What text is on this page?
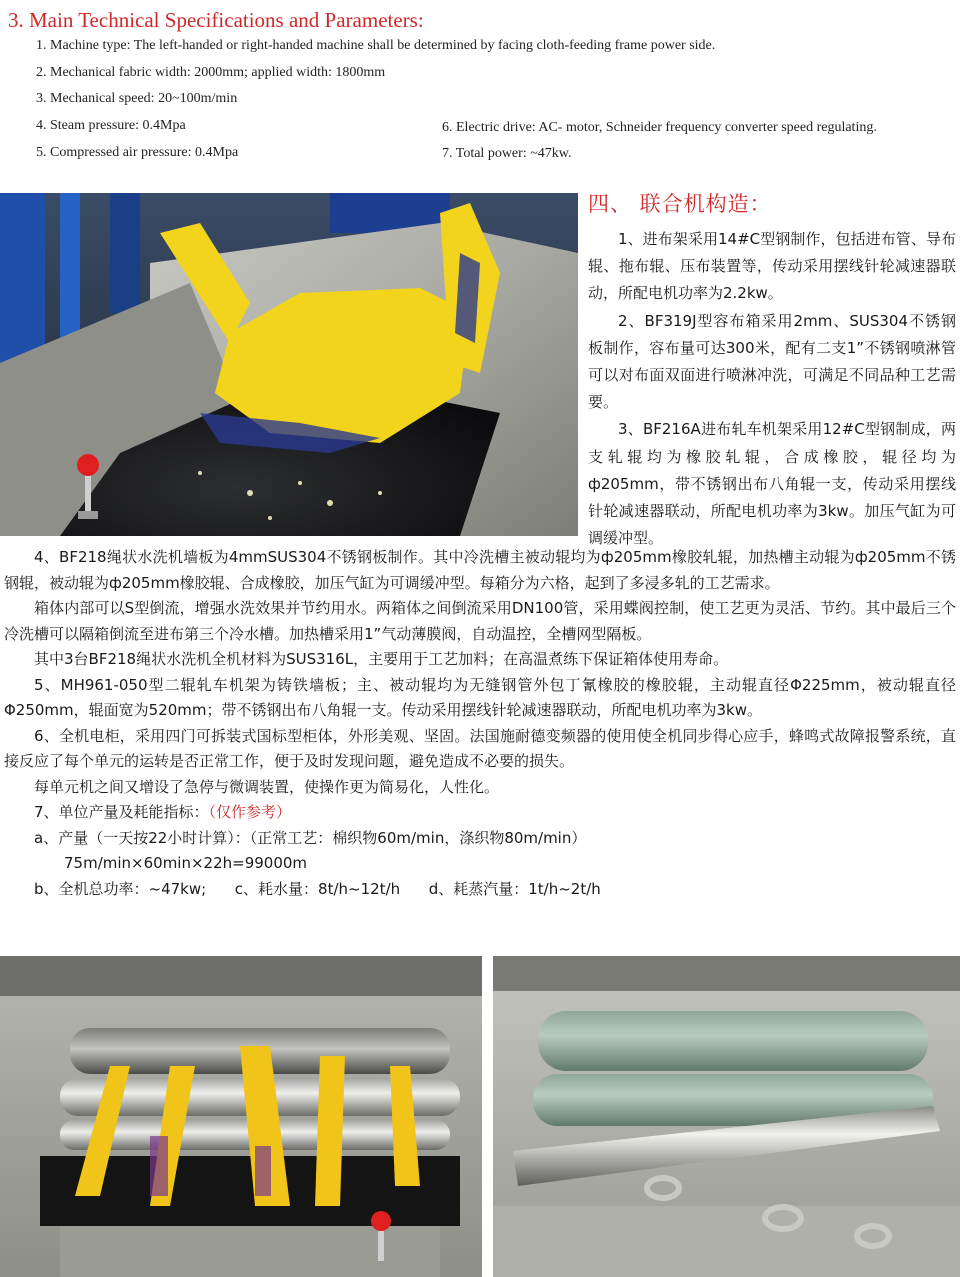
3. Main Technical Specifications and Parameters:

1. Machine type: The left-handed or right-handed machine shall be determined by facing cloth-feeding frame power side.

2. Mechanical fabric width: 2000mm; applied width: 1800mm

3. Mechanical speed: 20~100m/min

4. Steam pressure: 0.4Mpa

5. Compressed air pressure: 0.4Mpa

6. Electric drive: AC- motor, Schneider frequency converter speed regulating.

7. Total power: ~47kw.

四、 联合机构造：

1、进布架采用14#C型钢制作，包括进布管、导布辊、拖布辊、压布装置等，传动采用摆线针轮减速器联动，所配电机功率为2.2kw。

2、BF319J型容布箱采用2mm、SUS304不锈钢板制作，容布量可达300米，配有二支1”不锈钢喷淋管可以对布面双面进行喷淋冲洗，可满足不同品种工艺需要。

3、BF216A进布轧车机架采用12#C型钢制成，两支轧辊均为橡胶轧辊，合成橡胶，辊径均为ф205mm，带不锈钢出布八角辊一支，传动采用摆线针轮减速器联动，所配电机功率为3kw。加压气缸为可调缓冲型。

4、BF218绳状水洗机墙板为4mmSUS304不锈钢板制作。其中冷洗槽主被动辊均为ф205mm橡胶轧辊，加热槽主动辊为ф205mm不锈钢辊，被动辊为ф205mm橡胶辊、合成橡胶，加压气缸为可调缓冲型。每箱分为六格，起到了多浸多轧的工艺需求。

箱体内部可以S型倒流，增强水洗效果并节约用水。两箱体之间倒流采用DN100管，采用蝶阀控制，使工艺更为灵活、节约。其中最后三个冷洗槽可以隔箱倒流至进布第三个冷水槽。加热槽采用1”气动薄膜阀，自动温控，全槽网型隔板。

其中3台BF218绳状水洗机全机材料为SUS316L，主要用于工艺加料；在高温煮练下保证箱体使用寿命。

5、MH961-050型二辊轧车机架为铸铁墙板；主、被动辊均为无缝钢管外包丁氰橡胶的橡胶辊，主动辊直径Φ225mm，被动辊直径Φ250mm，辊面宽为520mm；带不锈钢出布八角辊一支。传动采用摆线针轮减速器联动，所配电机功率为3kw。

6、全机电柜，采用四门可拆装式国标型柜体，外形美观、坚固。法国施耐德变频器的使用使全机同步得心应手，蜂鸣式故障报警系统，直接反应了每个单元的运转是否正常工作，便于及时发现问题，避免造成不必要的损失。

每单元机之间又增设了急停与微调装置，使操作更为简易化，人性化。

7、单位产量及耗能指标：（仅作参考）

a、产量（一天按22小时计算）：（正常工艺：棉织物60m/min，涤织物80m/min）

75m/min×60min×22h=99000m

b、全机总功率：~47kw;      c、耗水量：8t/h~12t/h      d、耗蒸汽量：1t/h~2t/h
